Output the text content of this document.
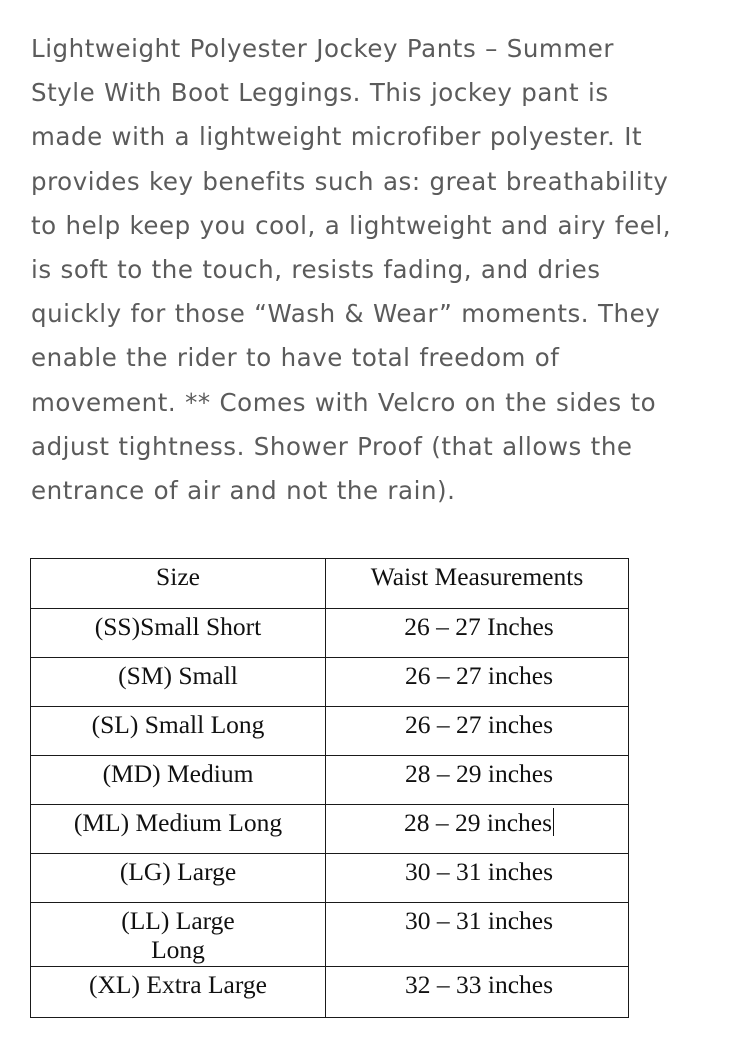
Lightweight Polyester Jockey Pants – Summer
Style With Boot Leggings. This jockey pant is
made with a lightweight microfiber polyester. It
provides key benefits such as: great breathability
to help keep you cool, a lightweight and airy feel,
is soft to the touch, resists fading, and dries
quickly for those “Wash & Wear” moments. They
enable the rider to have total freedom of
movement. ** Comes with Velcro on the sides to
adjust tightness. Shower Proof (that allows the
entrance of air and not the rain).

Size	Waist Measurements

(SS)Small Short	26 – 27 Inches

(SM) Small	26 – 27 inches

(SL) Small Long	26 – 27 inches

(MD) Medium	28 – 29 inches

(ML) Medium Long	28 – 29 inches

(LG) Large	30 – 31 inches

(LL) Large
Long	30 – 31 inches

(XL) Extra Large	32 – 33 inches
